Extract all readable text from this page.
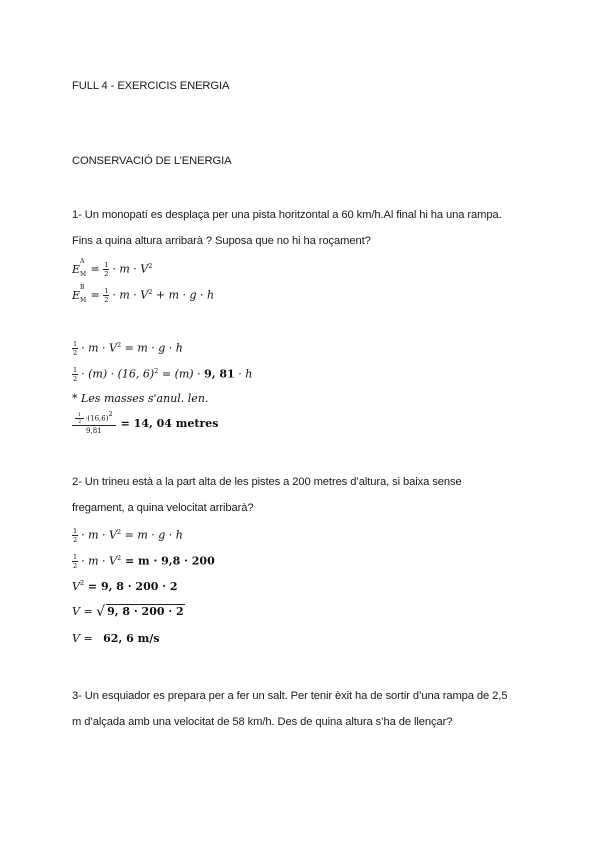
FULL 4 - EXERCICIS ENERGIA
CONSERVACIÓ DE L’ENERGIA
1- Un monopatí es desplaça per una pista horitzontal a 60 km/h.Al final hi ha una rampa.
Fins a quina altura arribarà ? Suposa que no hi ha roçament?
E
A
$M = \frac{1}{2} \cdot m \cdot V^2$
E
B
$M = \frac{1}{2} \cdot m \cdot V^2 + m \cdot g \cdot h$
$\frac{1}{2} \cdot m \cdot V^2 = m \cdot g \cdot h$
$\frac{1}{2} \cdot (m) \cdot (16$, 6)$^2$ = (m) · 9, 81 · h
* Les masses s'anul. len.
$\frac{\frac{1}{2} \cdot(16,6)2}{9,81} = 14$, 04 metres
2- Un trineu està a la part alta de les pistes a 200 metres d’altura, si baixa sense
fregament, a quina velocitat arribarà?
$\frac{1}{2} \cdot m \cdot V^2 = m \cdot g \cdot h$
$\frac{1}{2} \cdot m \cdot V^2 = m \cdot 9,8 \cdot 200$
$V^2 = 9$, 8 · 200 · 2
V = √ 9, 8 · 200 · 2
V =   62, 6 m/s
3- Un esquiador es prepara per a fer un salt. Per tenir èxit ha de sortir d’una rampa de 2,5
m d’alçada amb una velocitat de 58 km/h. Des de quina altura s’ha de llençar?
